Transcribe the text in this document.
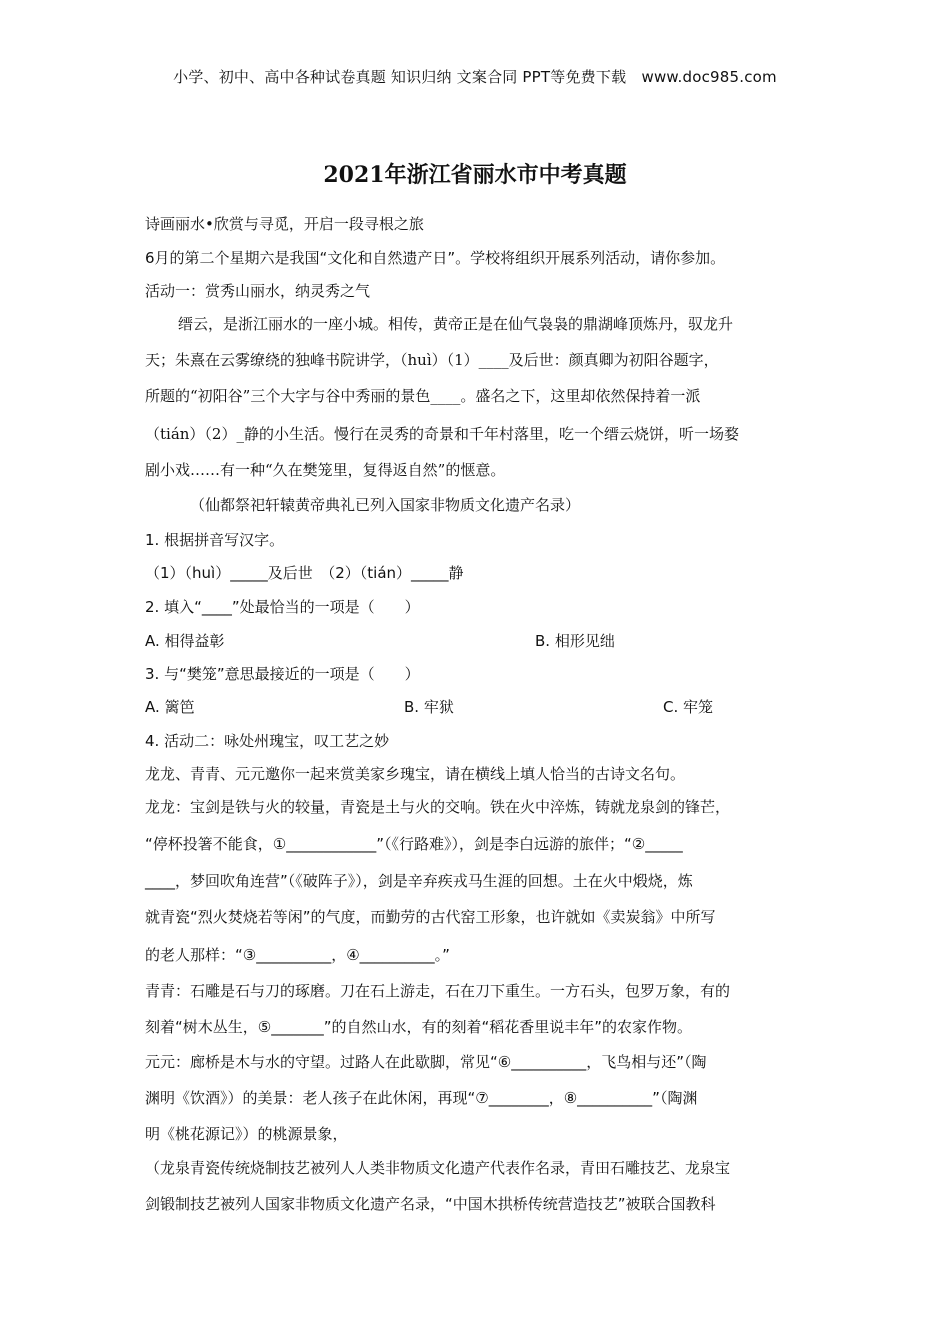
小学、初中、高中各种试卷真题 知识归纳 文案合同 PPT等免费下载　www.doc985.com
2021年浙江省丽水市中考真题
诗画丽水•欣赏与寻觅，开启一段寻根之旅
6月的第二个星期六是我国“文化和自然遗产日”。学校将组织开展系列活动，请你参加。
活动一：赏秀山丽水，纳灵秀之气
缙云，是浙江丽水的一座小城。相传，黄帝正是在仙气袅袅的鼎湖峰顶炼丹，驭龙升
天；朱熹在云雾缭绕的独峰书院讲学，（huì）（1）____及后世：颜真卿为初阳谷题字，
所题的“初阳谷”三个大字与谷中秀丽的景色____。盛名之下，这里却依然保持着一派
（tián）（2）_静的小生活。慢行在灵秀的奇景和千年村落里，吃一个缙云烧饼，听一场婺
剧小戏……有一种“久在樊笼里，复得返自然”的惬意。
（仙都祭祀轩辕黄帝典礼已列入国家非物质文化遗产名录）
1. 根据拼音写汉字。
（1）（huì）_____及后世　（2）（tián）_____静
2. 填入“____”处最恰当的一项是（　　）
A. 相得益彰	B. 相形见绌
3. 与“樊笼”意思最接近的一项是（　　）
A. 篱笆	B. 牢狱	C. 牢笼
4. 活动二：咏处州瑰宝，叹工艺之妙
龙龙、青青、元元邀你一起来赏美家乡瑰宝，请在横线上填人恰当的古诗文名句。
龙龙：宝剑是铁与火的较量，青瓷是土与火的交响。铁在火中淬炼，铸就龙泉剑的锋芒，
“停杯投箸不能食，①____________”（《行路难》），剑是李白远游的旅伴；“②_____
____，梦回吹角连营”（《破阵子》），剑是辛弃疾戎马生涯的回想。土在火中煅烧，炼
就青瓷“烈火焚烧若等闲”的气度，而勤劳的古代窑工形象，也许就如《卖炭翁》中所写
的老人那样：“③__________，④__________。”
青青：石雕是石与刀的琢磨。刀在石上游走，石在刀下重生。一方石头，包罗万象，有的
刻着“树木丛生，⑤_______”的自然山水，有的刻着“稻花香里说丰年”的农家作物。
元元：廊桥是木与水的守望。过路人在此歇脚，常见“⑥__________，飞鸟相与还”（陶
渊明《饮酒》）的美景：老人孩子在此休闲，再现“⑦________，⑧__________”（陶渊
明《桃花源记》）的桃源景象，
（龙泉青瓷传统烧制技艺被列人人类非物质文化遗产代表作名录，青田石雕技艺、龙泉宝
剑锻制技艺被列人国家非物质文化遗产名录，“中国木拱桥传统营造技艺”被联合国教科
